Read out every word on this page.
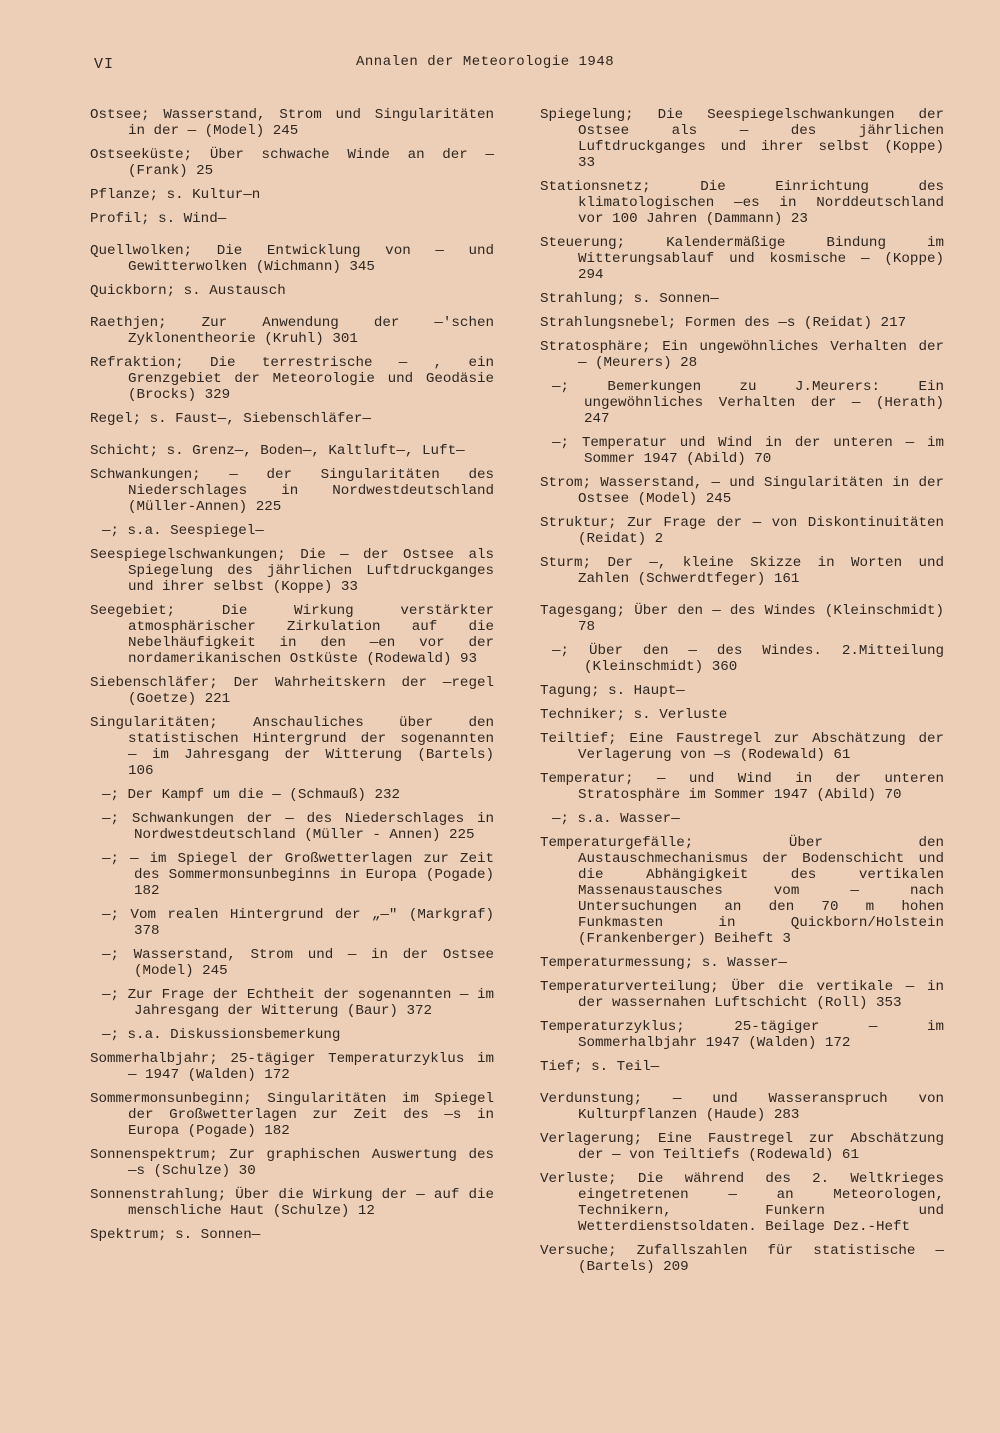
VI	Annalen der Meteorologie 1948
Ostsee; Wasserstand, Strom und Singularitäten in der — (Model) 245
Ostseeküste; Über schwache Winde an der — (Frank) 25
Pflanze; s. Kultur—n
Profil; s. Wind—
Quellwolken; Die Entwicklung von — und Gewitterwolken (Wichmann) 345
Quickborn; s. Austausch
Raethjen; Zur Anwendung der —'schen Zyklonentheorie (Kruhl) 301
Refraktion; Die terrestrische — , ein Grenzgebiet der Meteorologie und Geodäsie (Brocks) 329
Regel; s. Faust—, Siebenschläfer—
Schicht; s. Grenz—, Boden—, Kaltluft—, Luft—
Schwankungen; — der Singularitäten des Niederschlages in Nordwestdeutschland (Müller-Annen) 225
—; s.a. Seespiegel—
Seespiegelschwankungen; Die — der Ostsee als Spiegelung des jährlichen Luftdruckganges und ihrer selbst (Koppe) 33
Seegebiet; Die Wirkung verstärkter atmosphärischer Zirkulation auf die Nebelhäufigkeit in den —en vor der nordamerikanischen Ostküste (Rodewald) 93
Siebenschläfer; Der Wahrheitskern der —regel (Goetze) 221
Singularitäten; Anschauliches über den statistischen Hintergrund der sogenannten — im Jahresgang der Witterung (Bartels) 106
—; Der Kampf um die — (Schmauß) 232
—; Schwankungen der — des Niederschlages in Nordwestdeutschland (Müller - Annen) 225
—; — im Spiegel der Großwetterlagen zur Zeit des Sommermonsunbeginns in Europa (Pogade) 182
—; Vom realen Hintergrund der „—" (Markgraf) 378
—; Wasserstand, Strom und — in der Ostsee (Model) 245
—; Zur Frage der Echtheit der sogenannten — im Jahresgang der Witterung (Baur) 372
—; s.a. Diskussionsbemerkung
Sommerhalbjahr; 25-tägiger Temperaturzyklus im — 1947 (Walden) 172
Sommermonsunbeginn; Singularitäten im Spiegel der Großwetterlagen zur Zeit des —s in Europa (Pogade) 182
Sonnenspektrum; Zur graphischen Auswertung des —s (Schulze) 30
Sonnenstrahlung; Über die Wirkung der — auf die menschliche Haut (Schulze) 12
Spektrum; s. Sonnen—
Spiegelung; Die Seespiegelschwankungen der Ostsee als — des jährlichen Luftdruckganges und ihrer selbst (Koppe) 33
Stationsnetz; Die Einrichtung des klimatologischen —es in Norddeutschland vor 100 Jahren (Dammann) 23
Steuerung; Kalendermäßige Bindung im Witterungsablauf und kosmische — (Koppe) 294
Strahlung; s. Sonnen—
Strahlungsnebel; Formen des —s (Reidat) 217
Stratosphäre; Ein ungewöhnliches Verhalten der — (Meurers) 28
—; Bemerkungen zu J.Meurers: Ein ungewöhnliches Verhalten der — (Herath) 247
—; Temperatur und Wind in der unteren — im Sommer 1947 (Abild) 70
Strom; Wasserstand, — und Singularitäten in der Ostsee (Model) 245
Struktur; Zur Frage der — von Diskontinuitäten (Reidat) 2
Sturm; Der —, kleine Skizze in Worten und Zahlen (Schwerdtfeger) 161
Tagesgang; Über den — des Windes (Kleinschmidt) 78
—; Über den — des Windes. 2.Mitteilung (Kleinschmidt) 360
Tagung; s. Haupt—
Techniker; s. Verluste
Teiltief; Eine Faustregel zur Abschätzung der Verlagerung von —s (Rodewald) 61
Temperatur; — und Wind in der unteren Stratosphäre im Sommer 1947 (Abild) 70
—; s.a. Wasser—
Temperaturgefälle; Über den Austauschmechanismus der Bodenschicht und die Abhängigkeit des vertikalen Massenaustausches vom — nach Untersuchungen an den 70 m hohen Funkmasten in Quickborn/Holstein (Frankenberger) Beiheft 3
Temperaturmessung; s. Wasser—
Temperaturverteilung; Über die vertikale — in der wassernahen Luftschicht (Roll) 353
Temperaturzyklus; 25-tägiger — im Sommerhalbjahr 1947 (Walden) 172
Tief; s. Teil—
Verdunstung; — und Wasseranspruch von Kulturpflanzen (Haude) 283
Verlagerung; Eine Faustregel zur Abschätzung der — von Teiltiefs (Rodewald) 61
Verluste; Die während des 2. Weltkrieges eingetretenen — an Meteorologen, Technikern, Funkern und Wetterdienstsoldaten. Beilage Dez.-Heft
Versuche; Zufallszahlen für statistische — (Bartels) 209
